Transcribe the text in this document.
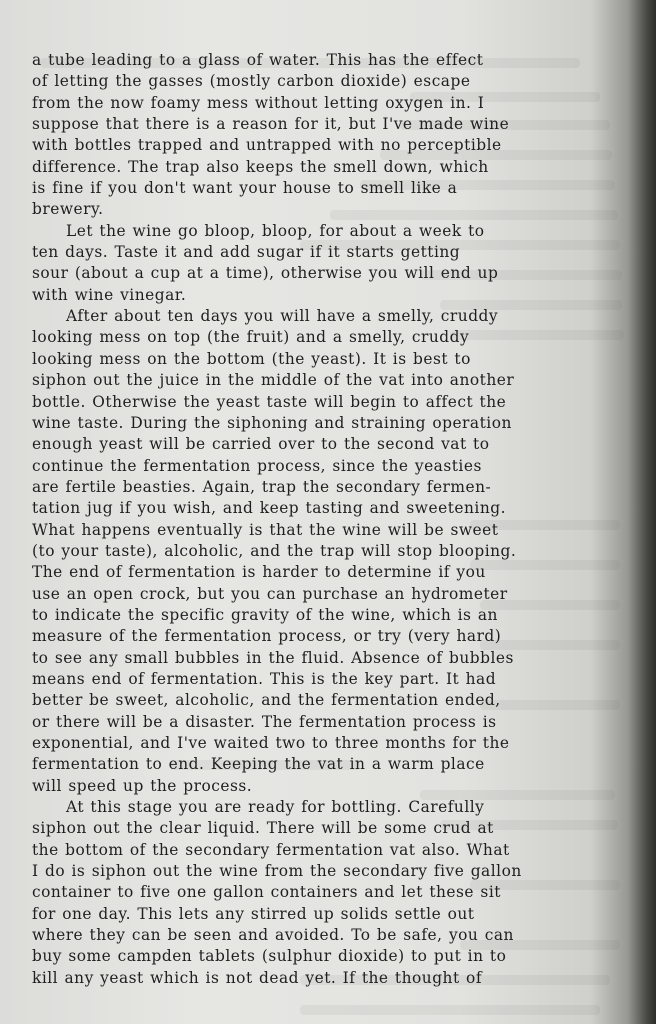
a tube leading to a glass of water. This has the effect
of letting the gasses (mostly carbon dioxide) escape
from the now foamy mess without letting oxygen in. I
suppose that there is a reason for it, but I've made wine
with bottles trapped and untrapped with no perceptible
difference. The trap also keeps the smell down, which
is fine if you don't want your house to smell like a
brewery.
Let the wine go bloop, bloop, for about a week to
ten days. Taste it and add sugar if it starts getting
sour (about a cup at a time), otherwise you will end up
with wine vinegar.
After about ten days you will have a smelly, cruddy
looking mess on top (the fruit) and a smelly, cruddy
looking mess on the bottom (the yeast). It is best to
siphon out the juice in the middle of the vat into another
bottle. Otherwise the yeast taste will begin to affect the
wine taste. During the siphoning and straining operation
enough yeast will be carried over to the second vat to
continue the fermentation process, since the yeasties
are fertile beasties. Again, trap the secondary fermen-
tation jug if you wish, and keep tasting and sweetening.
What happens eventually is that the wine will be sweet
(to your taste), alcoholic, and the trap will stop blooping.
The end of fermentation is harder to determine if you
use an open crock, but you can purchase an hydrometer
to indicate the specific gravity of the wine, which is an
measure of the fermentation process, or try (very hard)
to see any small bubbles in the fluid. Absence of bubbles
means end of fermentation. This is the key part. It had
better be sweet, alcoholic, and the fermentation ended,
or there will be a disaster. The fermentation process is
exponential, and I've waited two to three months for the
fermentation to end. Keeping the vat in a warm place
will speed up the process.
At this stage you are ready for bottling. Carefully
siphon out the clear liquid. There will be some crud at
the bottom of the secondary fermentation vat also. What
I do is siphon out the wine from the secondary five gallon
container to five one gallon containers and let these sit
for one day. This lets any stirred up solids settle out
where they can be seen and avoided. To be safe, you can
buy some campden tablets (sulphur dioxide) to put in to
kill any yeast which is not dead yet. If the thought of
